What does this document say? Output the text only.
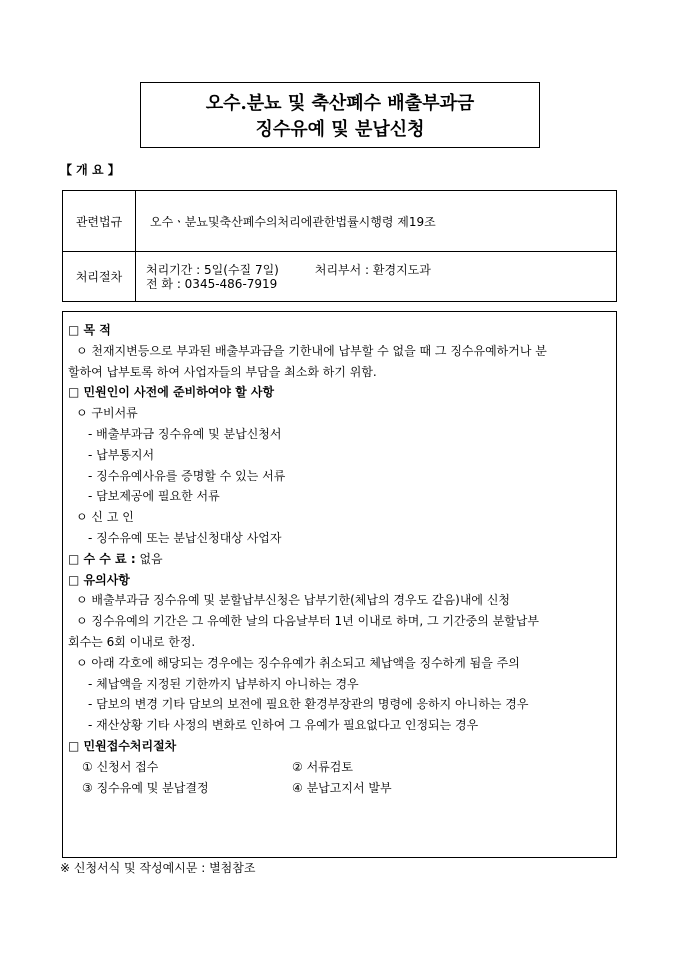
오수.분뇨 및 축산폐수 배출부과금
징수유예 및 분납신청
【 개 요 】
관련법규	오수ㆍ분뇨및축산폐수의처리에관한법률시행령 제19조
처리절차	처리기간 : 5일(수질 7일) 처리부서 : 환경지도과
전 화 : 0345-486-7919
□ 목 적
ㅇ 천재지변등으로 부과된 배출부과금을 기한내에 납부할 수 없을 때 그 징수유예하거나 분
할하여 납부토록 하여 사업자들의 부담을 최소화 하기 위함.
□ 민원인이 사전에 준비하여야 할 사항
ㅇ 구비서류
- 배출부과금 징수유예 및 분납신청서
- 납부통지서
- 징수유예사유를 증명할 수 있는 서류
- 담보제공에 필요한 서류
ㅇ 신 고 인
- 징수유예 또는 분납신청대상 사업자
□ 수 수 료 : 없음
□ 유의사항
ㅇ 배출부과금 징수유예 및 분할납부신청은 납부기한(체납의 경우도 같음)내에 신청
ㅇ 징수유예의 기간은 그 유예한 날의 다음날부터 1년 이내로 하며, 그 기간중의 분할납부
회수는 6회 이내로 한정.
ㅇ 아래 각호에 해당되는 경우에는 징수유예가 취소되고 체납액을 징수하게 됨을 주의
- 체납액을 지정된 기한까지 납부하지 아니하는 경우
- 담보의 변경 기타 담보의 보전에 필요한 환경부장관의 명령에 응하지 아니하는 경우
- 재산상황 기타 사정의 변화로 인하여 그 유예가 필요없다고 인정되는 경우
□ 민원접수처리절차
① 신청서 접수	② 서류검토
③ 징수유예 및 분납결정	④ 분납고지서 발부
※ 신청서식 및 작성예시문 : 별첨참조
